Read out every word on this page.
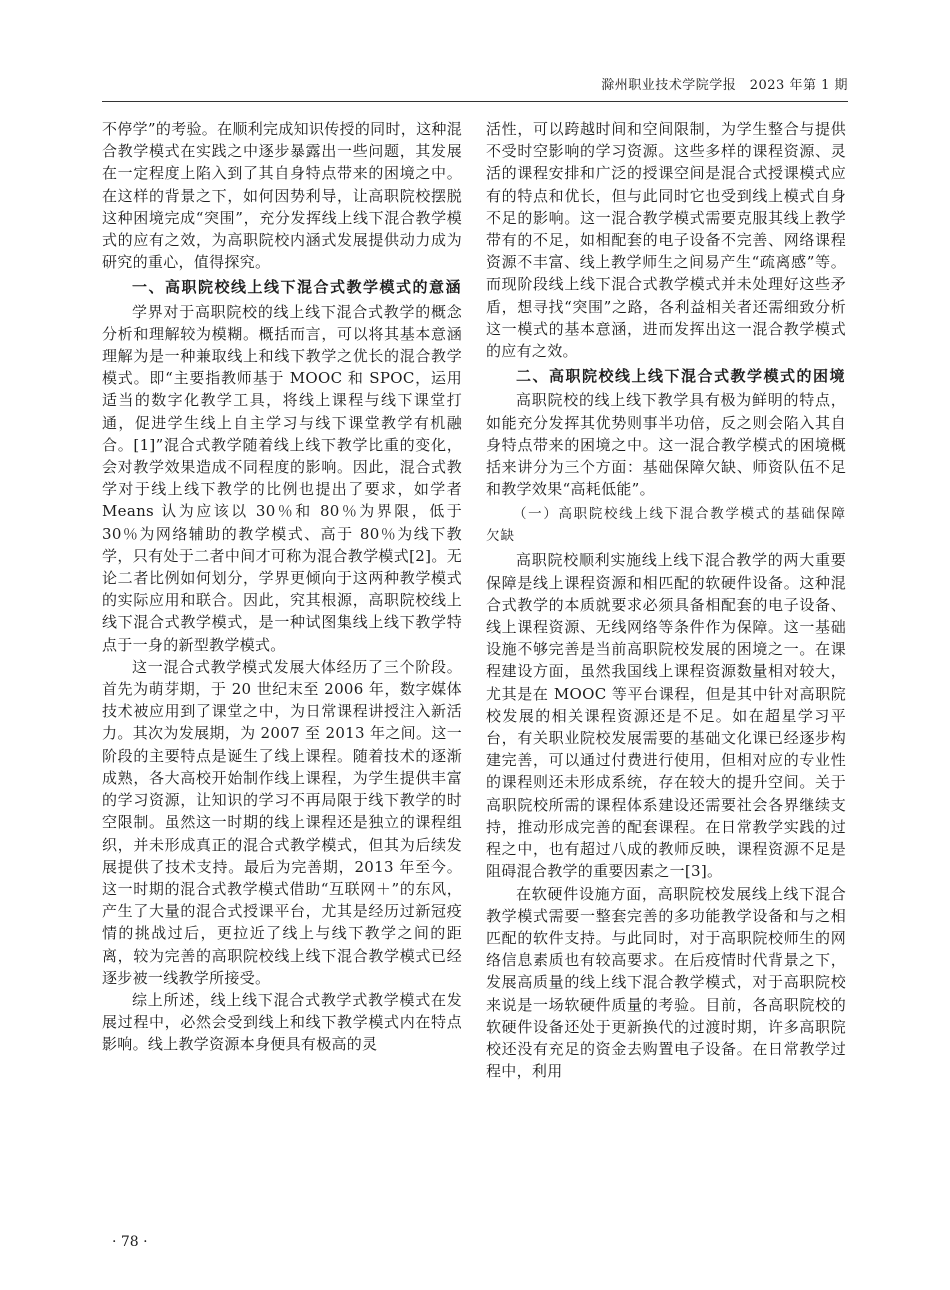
滁州职业技术学院学报　2023 年第 1 期

不停学”的考验。在顺利完成知识传授的同时，这种混合教学模式在实践之中逐步暴露出一些问题，其发展在一定程度上陷入到了其自身特点带来的困境之中。在这样的背景之下，如何因势利导，让高职院校摆脱这种困境完成“突围”，充分发挥线上线下混合教学模式的应有之效，为高职院校内涵式发展提供动力成为研究的重心，值得探究。

一、高职院校线上线下混合式教学模式的意涵

学界对于高职院校的线上线下混合式教学的概念分析和理解较为模糊。概括而言，可以将其基本意涵理解为是一种兼取线上和线下教学之优长的混合教学模式。即“主要指教师基于 MOOC 和 SPOC，运用适当的数字化教学工具，将线上课程与线下课堂打通，促进学生线上自主学习与线下课堂教学有机融合。[1]”混合式教学随着线上线下教学比重的变化，会对教学效果造成不同程度的影响。因此，混合式教学对于线上线下教学的比例也提出了要求，如学者 Means 认为应该以 30％和 80％为界限，低于 30％为网络辅助的教学模式、高于 80％为线下教学，只有处于二者中间才可称为混合教学模式[2]。无论二者比例如何划分，学界更倾向于这两种教学模式的实际应用和联合。因此，究其根源，高职院校线上线下混合式教学模式，是一种试图集线上线下教学特点于一身的新型教学模式。

这一混合式教学模式发展大体经历了三个阶段。首先为萌芽期，于 20 世纪末至 2006 年，数字媒体技术被应用到了课堂之中，为日常课程讲授注入新活力。其次为发展期，为 2007 至 2013 年之间。这一阶段的主要特点是诞生了线上课程。随着技术的逐渐成熟，各大高校开始制作线上课程，为学生提供丰富的学习资源，让知识的学习不再局限于线下教学的时空限制。虽然这一时期的线上课程还是独立的课程组织，并未形成真正的混合式教学模式，但其为后续发展提供了技术支持。最后为完善期，2013 年至今。这一时期的混合式教学模式借助“互联网＋”的东风，产生了大量的混合式授课平台，尤其是经历过新冠疫情的挑战过后，更拉近了线上与线下教学之间的距离，较为完善的高职院校线上线下混合教学模式已经逐步被一线教学所接受。

综上所述，线上线下混合式教学式教学模式在发展过程中，必然会受到线上和线下教学模式内在特点影响。线上教学资源本身便具有极高的灵

活性，可以跨越时间和空间限制，为学生整合与提供不受时空影响的学习资源。这些多样的课程资源、灵活的课程安排和广泛的授课空间是混合式授课模式应有的特点和优长，但与此同时它也受到线上模式自身不足的影响。这一混合教学模式需要克服其线上教学带有的不足，如相配套的电子设备不完善、网络课程资源不丰富、线上教学师生之间易产生“疏离感”等。而现阶段线上线下混合式教学模式并未处理好这些矛盾，想寻找“突围”之路，各利益相关者还需细致分析这一模式的基本意涵，进而发挥出这一混合教学模式的应有之效。

二、高职院校线上线下混合式教学模式的困境

高职院校的线上线下教学具有极为鲜明的特点，如能充分发挥其优势则事半功倍，反之则会陷入其自身特点带来的困境之中。这一混合教学模式的困境概括来讲分为三个方面：基础保障欠缺、师资队伍不足和教学效果“高耗低能”。

（一）高职院校线上线下混合教学模式的基础保障欠缺

高职院校顺利实施线上线下混合教学的两大重要保障是线上课程资源和相匹配的软硬件设备。这种混合式教学的本质就要求必须具备相配套的电子设备、线上课程资源、无线网络等条件作为保障。这一基础设施不够完善是当前高职院校发展的困境之一。在课程建设方面，虽然我国线上课程资源数量相对较大，尤其是在 MOOC 等平台课程，但是其中针对高职院校发展的相关课程资源还是不足。如在超星学习平台，有关职业院校发展需要的基础文化课已经逐步构建完善，可以通过付费进行使用，但相对应的专业性的课程则还未形成系统，存在较大的提升空间。关于高职院校所需的课程体系建设还需要社会各界继续支持，推动形成完善的配套课程。在日常教学实践的过程之中，也有超过八成的教师反映，课程资源不足是阻碍混合教学的重要因素之一[3]。

在软硬件设施方面，高职院校发展线上线下混合教学模式需要一整套完善的多功能教学设备和与之相匹配的软件支持。与此同时，对于高职院校师生的网络信息素质也有较高要求。在后疫情时代背景之下，发展高质量的线上线下混合教学模式，对于高职院校来说是一场软硬件质量的考验。目前，各高职院校的软硬件设备还处于更新换代的过渡时期，许多高职院校还没有充足的资金去购置电子设备。在日常教学过程中，利用

· 78 ·
